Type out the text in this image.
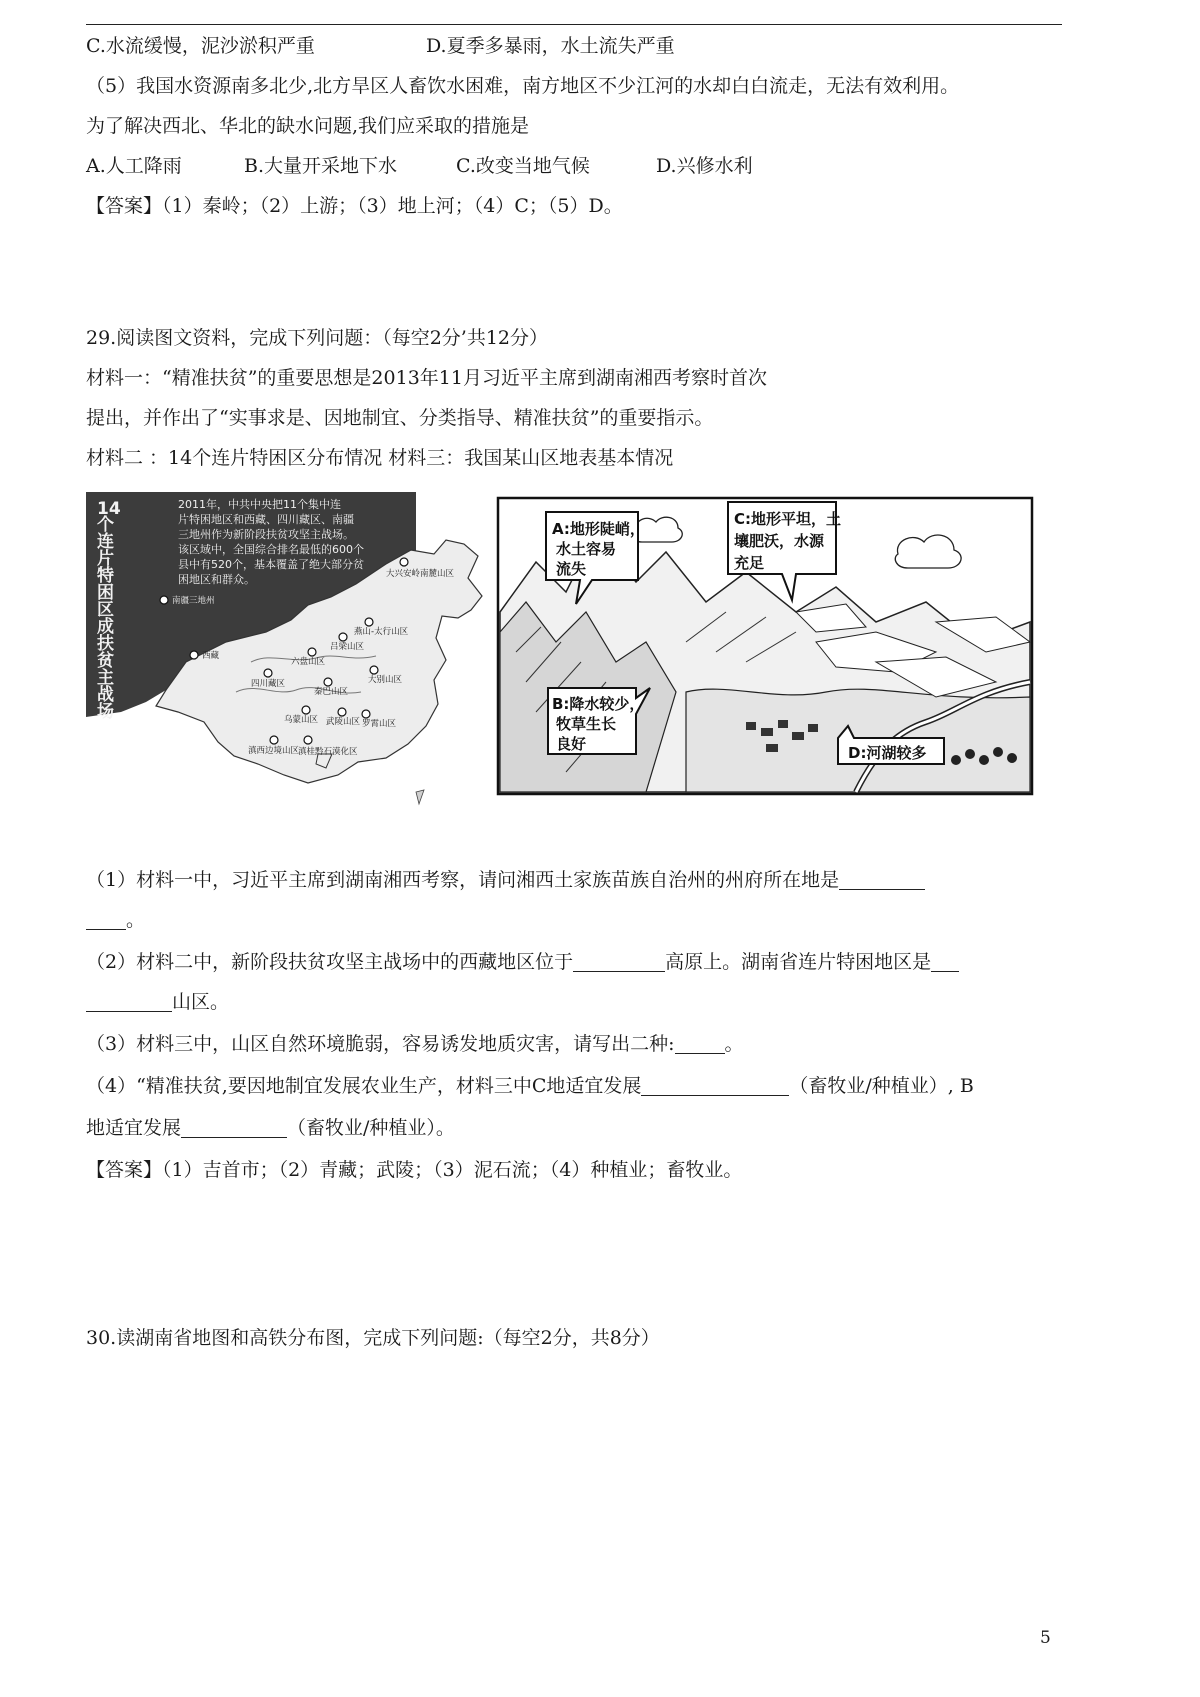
C.水流缓慢，泥沙淤积严重	D.夏季多暴雨，水土流失严重
（5）我国水资源南多北少,北方旱区人畜饮水困难，南方地区不少江河的水却白白流走，无法有效利用。
为了解决西北、华北的缺水问题,我们应采取的措施是
A.人工降雨	B.大量开采地下水	C.改变当地气候	D.兴修水利
【答案】（1）秦岭；（2）上游；（3）地上河；（4）C；（5）D。
29.阅读图文资料，完成下列问题：（每空2分’共12分）
材料一：“精准扶贫”的重要思想是2013年11月习近平主席到湖南湘西考察时首次
提出，并作出了“实事求是、因地制宜、分类指导、精准扶贫”的重要指示。
材料二 ：14个连片特困区分布情况 材料三：我国某山区地表基本情况
14
个
连
片
特
困
区
成
扶
贫
主
战
场
2011年，中共中央把11个集中连
片特困地区和西藏、四川藏区、南疆
三地州作为新阶段扶贫攻坚主战场。
该区域中，全国综合排名最低的600个
县中有520个，基本覆盖了绝大部分贫
困地区和群众。	大兴安岭南麓山区
燕山-太行山区
南疆三地州
吕梁山区
西藏
六盘山区
秦巴山区
大别山区
四川藏区
武陵山区 罗霄山区
乌蒙山区
滇西边境山区
滇桂黔石漠化区
A:地形陡峭，
水土容易
流失
C:地形平坦，土
壤肥沃，水源
充足
B:降水较少，
牧草生长
良好	D:河湖较多
（1）材料一中，习近平主席到湖南湘西考察，请问湘西土家族苗族自治州的州府所在地是
。
（2）材料二中，新阶段扶贫攻坚主战场中的西藏地区位于	高原上。湖南省连片特困地区是
山区。
（3）材料三中，山区自然环境脆弱，容易诱发地质灾害，请写出二种:	。
（4）“精准扶贫,要因地制宜发展农业生产，材料三中C地适宜发展	（畜牧业/种植业）, B
地适宜发展	（畜牧业/种植业）。
【答案】（1）吉首市；（2）青藏；武陵；（3）泥石流；（4）种植业；畜牧业。
30.读湖南省地图和高铁分布图，完成下列问题:（每空2分，共8分）
5
